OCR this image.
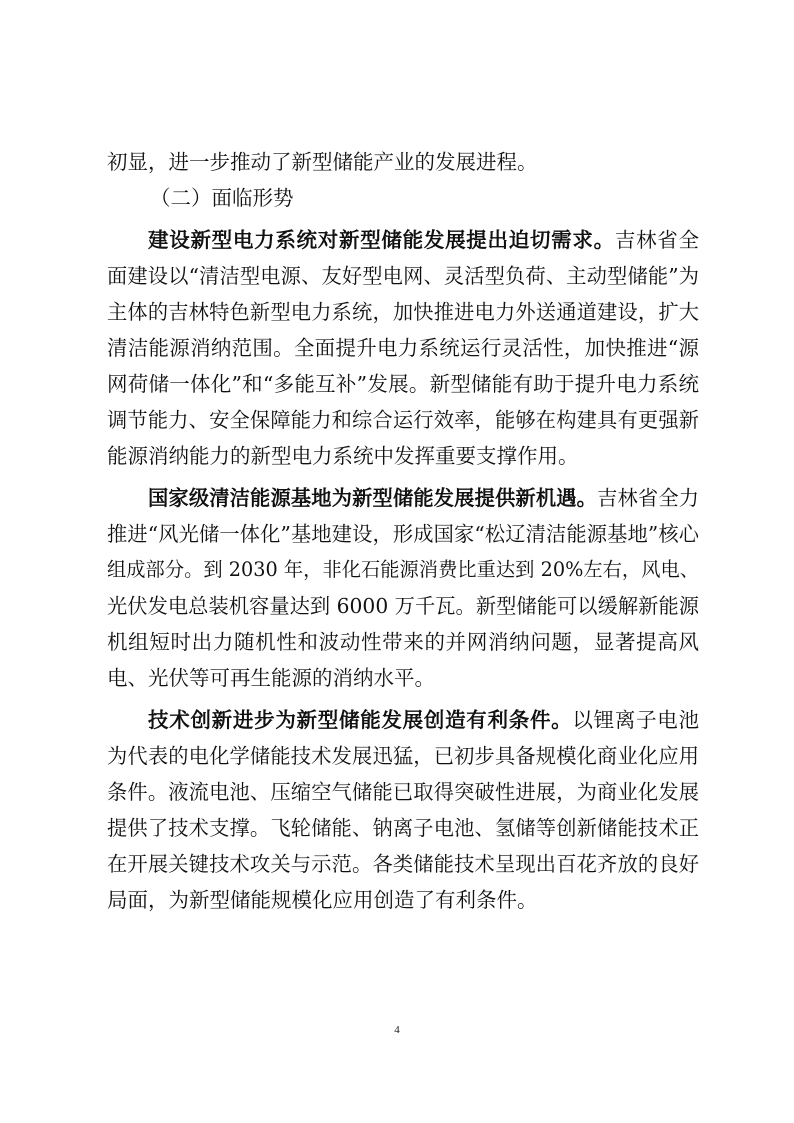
初显，进一步推动了新型储能产业的发展进程。
（二）面临形势
建设新型电力系统对新型储能发展提出迫切需求。吉林省全
面建设以“清洁型电源、友好型电网、灵活型负荷、主动型储能”为
主体的吉林特色新型电力系统，加快推进电力外送通道建设，扩大
清洁能源消纳范围。全面提升电力系统运行灵活性，加快推进“源
网荷储一体化”和“多能互补”发展。新型储能有助于提升电力系统
调节能力、安全保障能力和综合运行效率，能够在构建具有更强新
能源消纳能力的新型电力系统中发挥重要支撑作用。
国家级清洁能源基地为新型储能发展提供新机遇。吉林省全力
推进“风光储一体化”基地建设，形成国家“松辽清洁能源基地”核心
组成部分。到 2030 年，非化石能源消费比重达到 20%左右，风电、
光伏发电总装机容量达到 6000 万千瓦。新型储能可以缓解新能源
机组短时出力随机性和波动性带来的并网消纳问题，显著提高风
电、光伏等可再生能源的消纳水平。
技术创新进步为新型储能发展创造有利条件。以锂离子电池
为代表的电化学储能技术发展迅猛，已初步具备规模化商业化应用
条件。液流电池、压缩空气储能已取得突破性进展，为商业化发展
提供了技术支撑。飞轮储能、钠离子电池、氢储等创新储能技术正
在开展关键技术攻关与示范。各类储能技术呈现出百花齐放的良好
局面，为新型储能规模化应用创造了有利条件。
4
